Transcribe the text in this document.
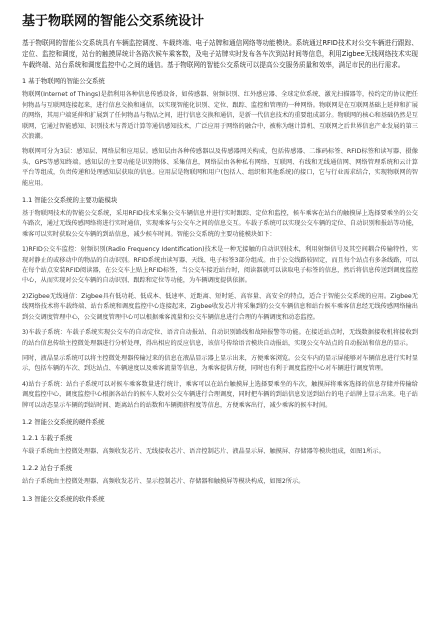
基于物联网的智能公交系统设计

基于物联网的智能公交系统具有车辆监控调度、车载终端、电子站牌和通信网络等功能模块。系统通过RFID技术对公交车辆进行跟踪、定位、监控和调度，站台的触摸屏统计各路次候车乘客数，及电子站牌实时发布各车次到站时间等信息，利用Zigbee无线网络技术实现车载终端、站台系统和调度监控中心之间的通信。基于物联网的智能公交系统可以提高公交服务质量和效率，满足市民的出行需求。

1 基于物联网的智能公交系统

物联网(Internet of Things)是指利用各种信息传感设备，如传感器、射频识别、红外感应器、全球定位系统、激光扫描器等，按约定的协议把任何物品与互联网连接起来，进行信息交换和通信，以实现智能化识别、定位、跟踪、监控和管理的一种网络。物联网是在互联网基础上延伸和扩展的网络，其用户端延伸和扩展到了任何物品与物品之间，进行信息交换和通信，是新一代信息技术的重要组成部分。物联网的核心和基础仍然是互联网，它通过智能感知、识别技术与普适计算等通信感知技术，广泛应用于网络的融合中，被称为继计算机、互联网之后世界信息产业发展的第三次浪潮。

物联网可分为3层：感知层、网络层和应用层。感知层由各种传感器以及传感器网关构成，包括传感器、二维码标签、RFID标签和读写器、摄像头、GPS等感知终端。感知层的主要功能是识别物体、采集信息，网络层由各种私有网络、互联网、有线和无线通信网、网络管理系统和云计算平台等组成，负责传递和处理感知层获取的信息。应用层是物联网和用户(包括人、组织和其他系统)的接口，它与行业需求结合，实现物联网的智能应用。

1.1 智能公交系统的主要功能模块

基于物联网技术的智能公交系统，采用RFID技术采集公交车辆信息并进行实时跟踪、定位和监控，候车乘客在站台的触摸屏上选择要乘坐的公交车路次，通过无线传感网络将进行实时通信，实现乘客与公交车之间的信息交互。车载子系统可以实现公交车辆的定位、自动识别和报站等功能，乘客可以实时获取公交车辆的到站信息，减少候车时间。智能公交系统的主要功能模块如下：

1)RFID公交车监控：射频识别(Radio Frequency Identification)技术是一种无接触的自动识别技术，利用射频信号及其空间耦合传输特性，实现对静止的或移动中的物品的自动识别。RFID系统由读写器、天线、电子标签3部分组成。由于公交线路较固定，而且每个站点有多条线路，可以在每个站点安装RFID阅读器，在公交车上贴上RFID标签，当公交车接近站台时，阅读器就可以读取电子标签的信息，然后将信息传送到调度监控中心，从而实现对公交车辆的自动识别、跟踪和定位等功能，为车辆调度提供依据。

2)Zigbee无线通信：Zigbee具有低功耗、低成本、低速率、近距离、短时延、高容量、高安全的特点，适合于智能公交系统的应用。Zigbee无线网络技术将车载终端、站台系统和调度监控中心连接起来，Zigbee收发芯片将采集到的公交车辆信息和站台候车乘客信息经无线传感网络输出到公交调度管理中心，公交调度管理中心可以根据乘客流量和公交车辆信息进行合理的车辆调度和动态监控。

3)车载子系统：车载子系统实现公交车的自动定位、语音自动报站、自动识别路线和故障报警等功能。在接近站点时，无线数据接收机将接收到的站台信息传给主控微处理器进行分析处理，得出相应的反应信息，该信号传给语音模块自动报站，实现公交车站点的自动报站和信息的显示。

同时，液晶显示系统可以将主控微处理器传输过来的信息在液晶显示器上显示出来，方便乘客浏览。公交车内的显示屏能够对车辆信息进行实时显示，包括车辆的车次、到达站点、车辆速度以及乘客流量等信息，为乘客提供方便，同时也有利于调度监控中心对车辆进行调度管理。

4)站台子系统：站台子系统可以对候车乘客数量进行统计，乘客可以在站台触摸屏上选择要乘坐的车次，触摸屏将乘客选择的信息存储并传输给调度监控中心，调度监控中心根据各站台的候车人数对公交车辆进行合理调度，同时把车辆的到站信息发送到站台的电子站牌上显示出来。电子站牌可以动态显示车辆的到站时间、距离站台的站数和车辆拥挤程度等信息，方便乘客出行，减少乘客的候车时间。

1.2 智能公交系统的硬件系统
1.2.1 车载子系统

车载子系统由主控微处理器、高频收发芯片、无线接收芯片、语音控制芯片、液晶显示屏、触摸屏、存储器等模块组成，如图1所示。

1.2.2 站台子系统

站台子系统由主控微处理器、高频收发芯片、显示控制芯片、存储器和触摸屏等模块构成，如图2所示。

1.3 智能公交系统的软件系统
